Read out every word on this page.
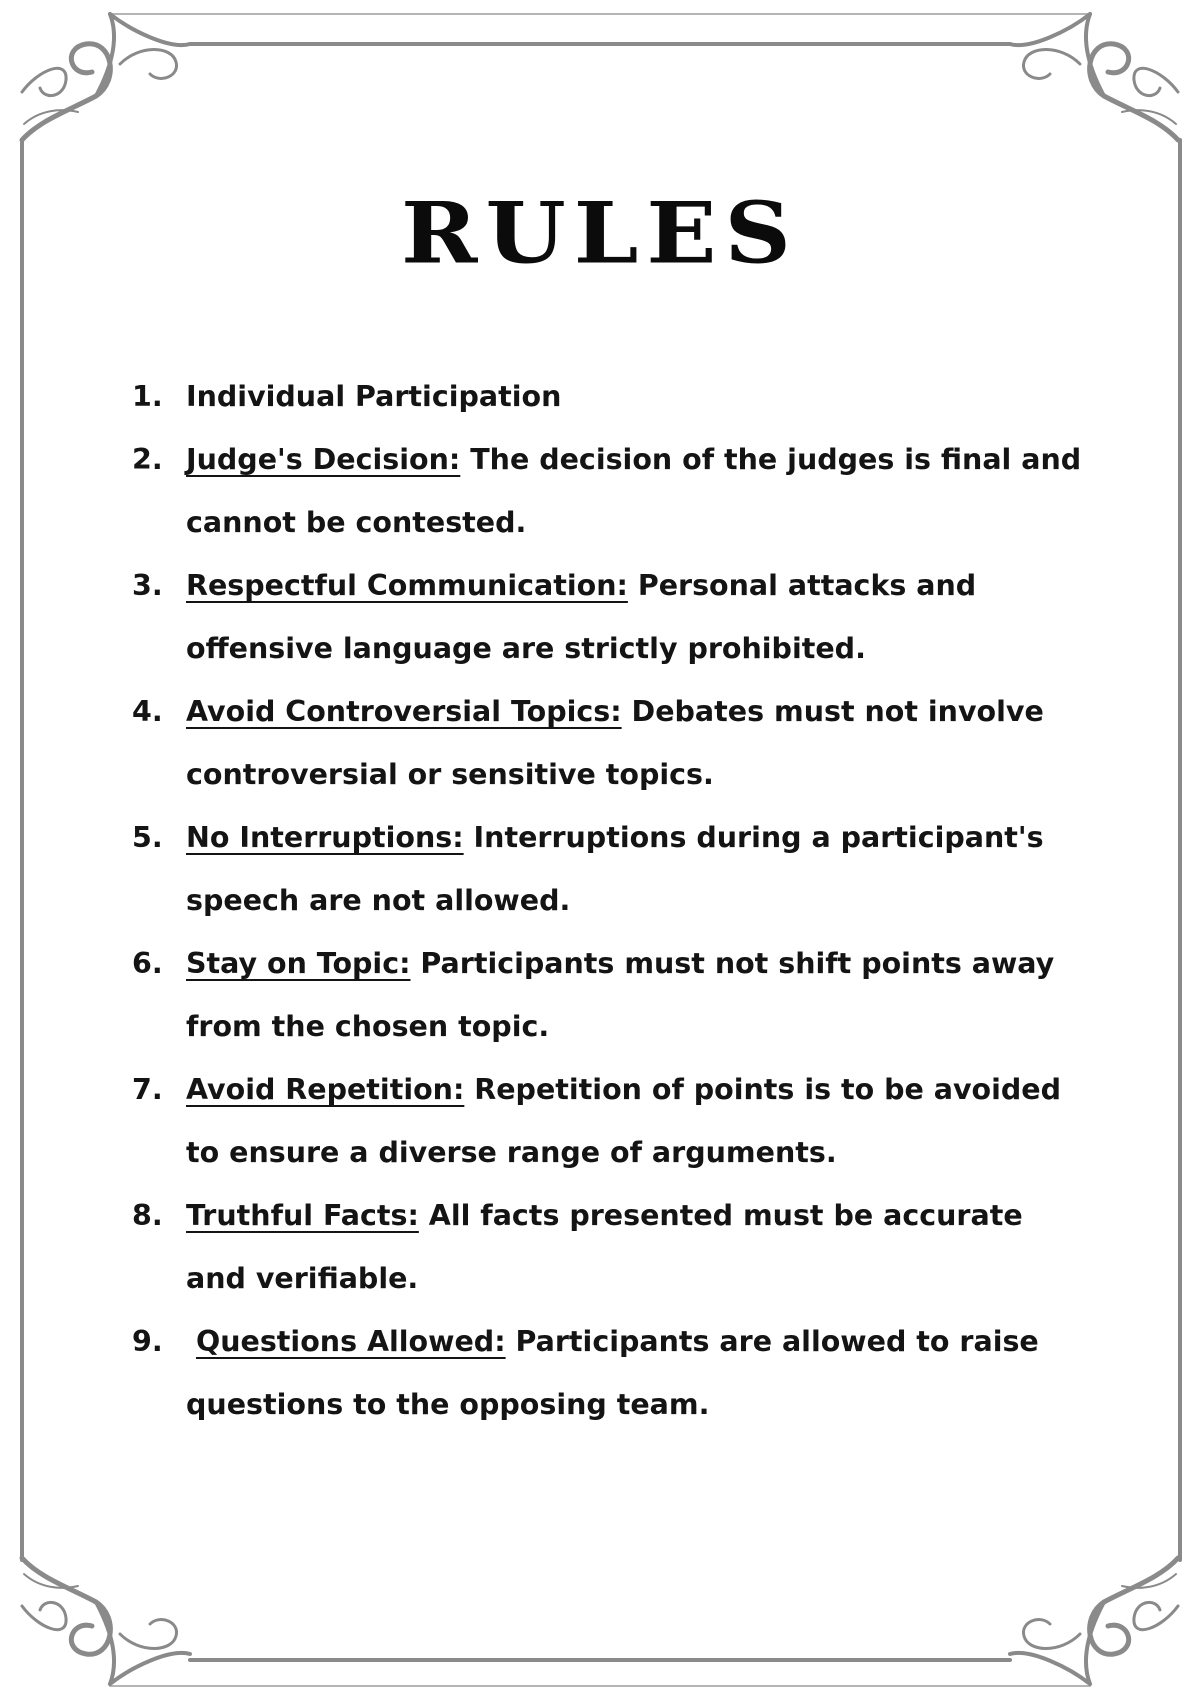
RULES
1. Individual Participation
2. Judge's Decision: The decision of the judges is final and cannot be contested.
3. Respectful Communication: Personal attacks and offensive language are strictly prohibited.
4. Avoid Controversial Topics: Debates must not involve controversial or sensitive topics.
5. No Interruptions: Interruptions during a participant's speech are not allowed.
6. Stay on Topic: Participants must not shift points away from the chosen topic.
7. Avoid Repetition: Repetition of points is to be avoided to ensure a diverse range of arguments.
8. Truthful Facts: All facts presented must be accurate and verifiable.
9. Questions Allowed: Participants are allowed to raise questions to the opposing team.
